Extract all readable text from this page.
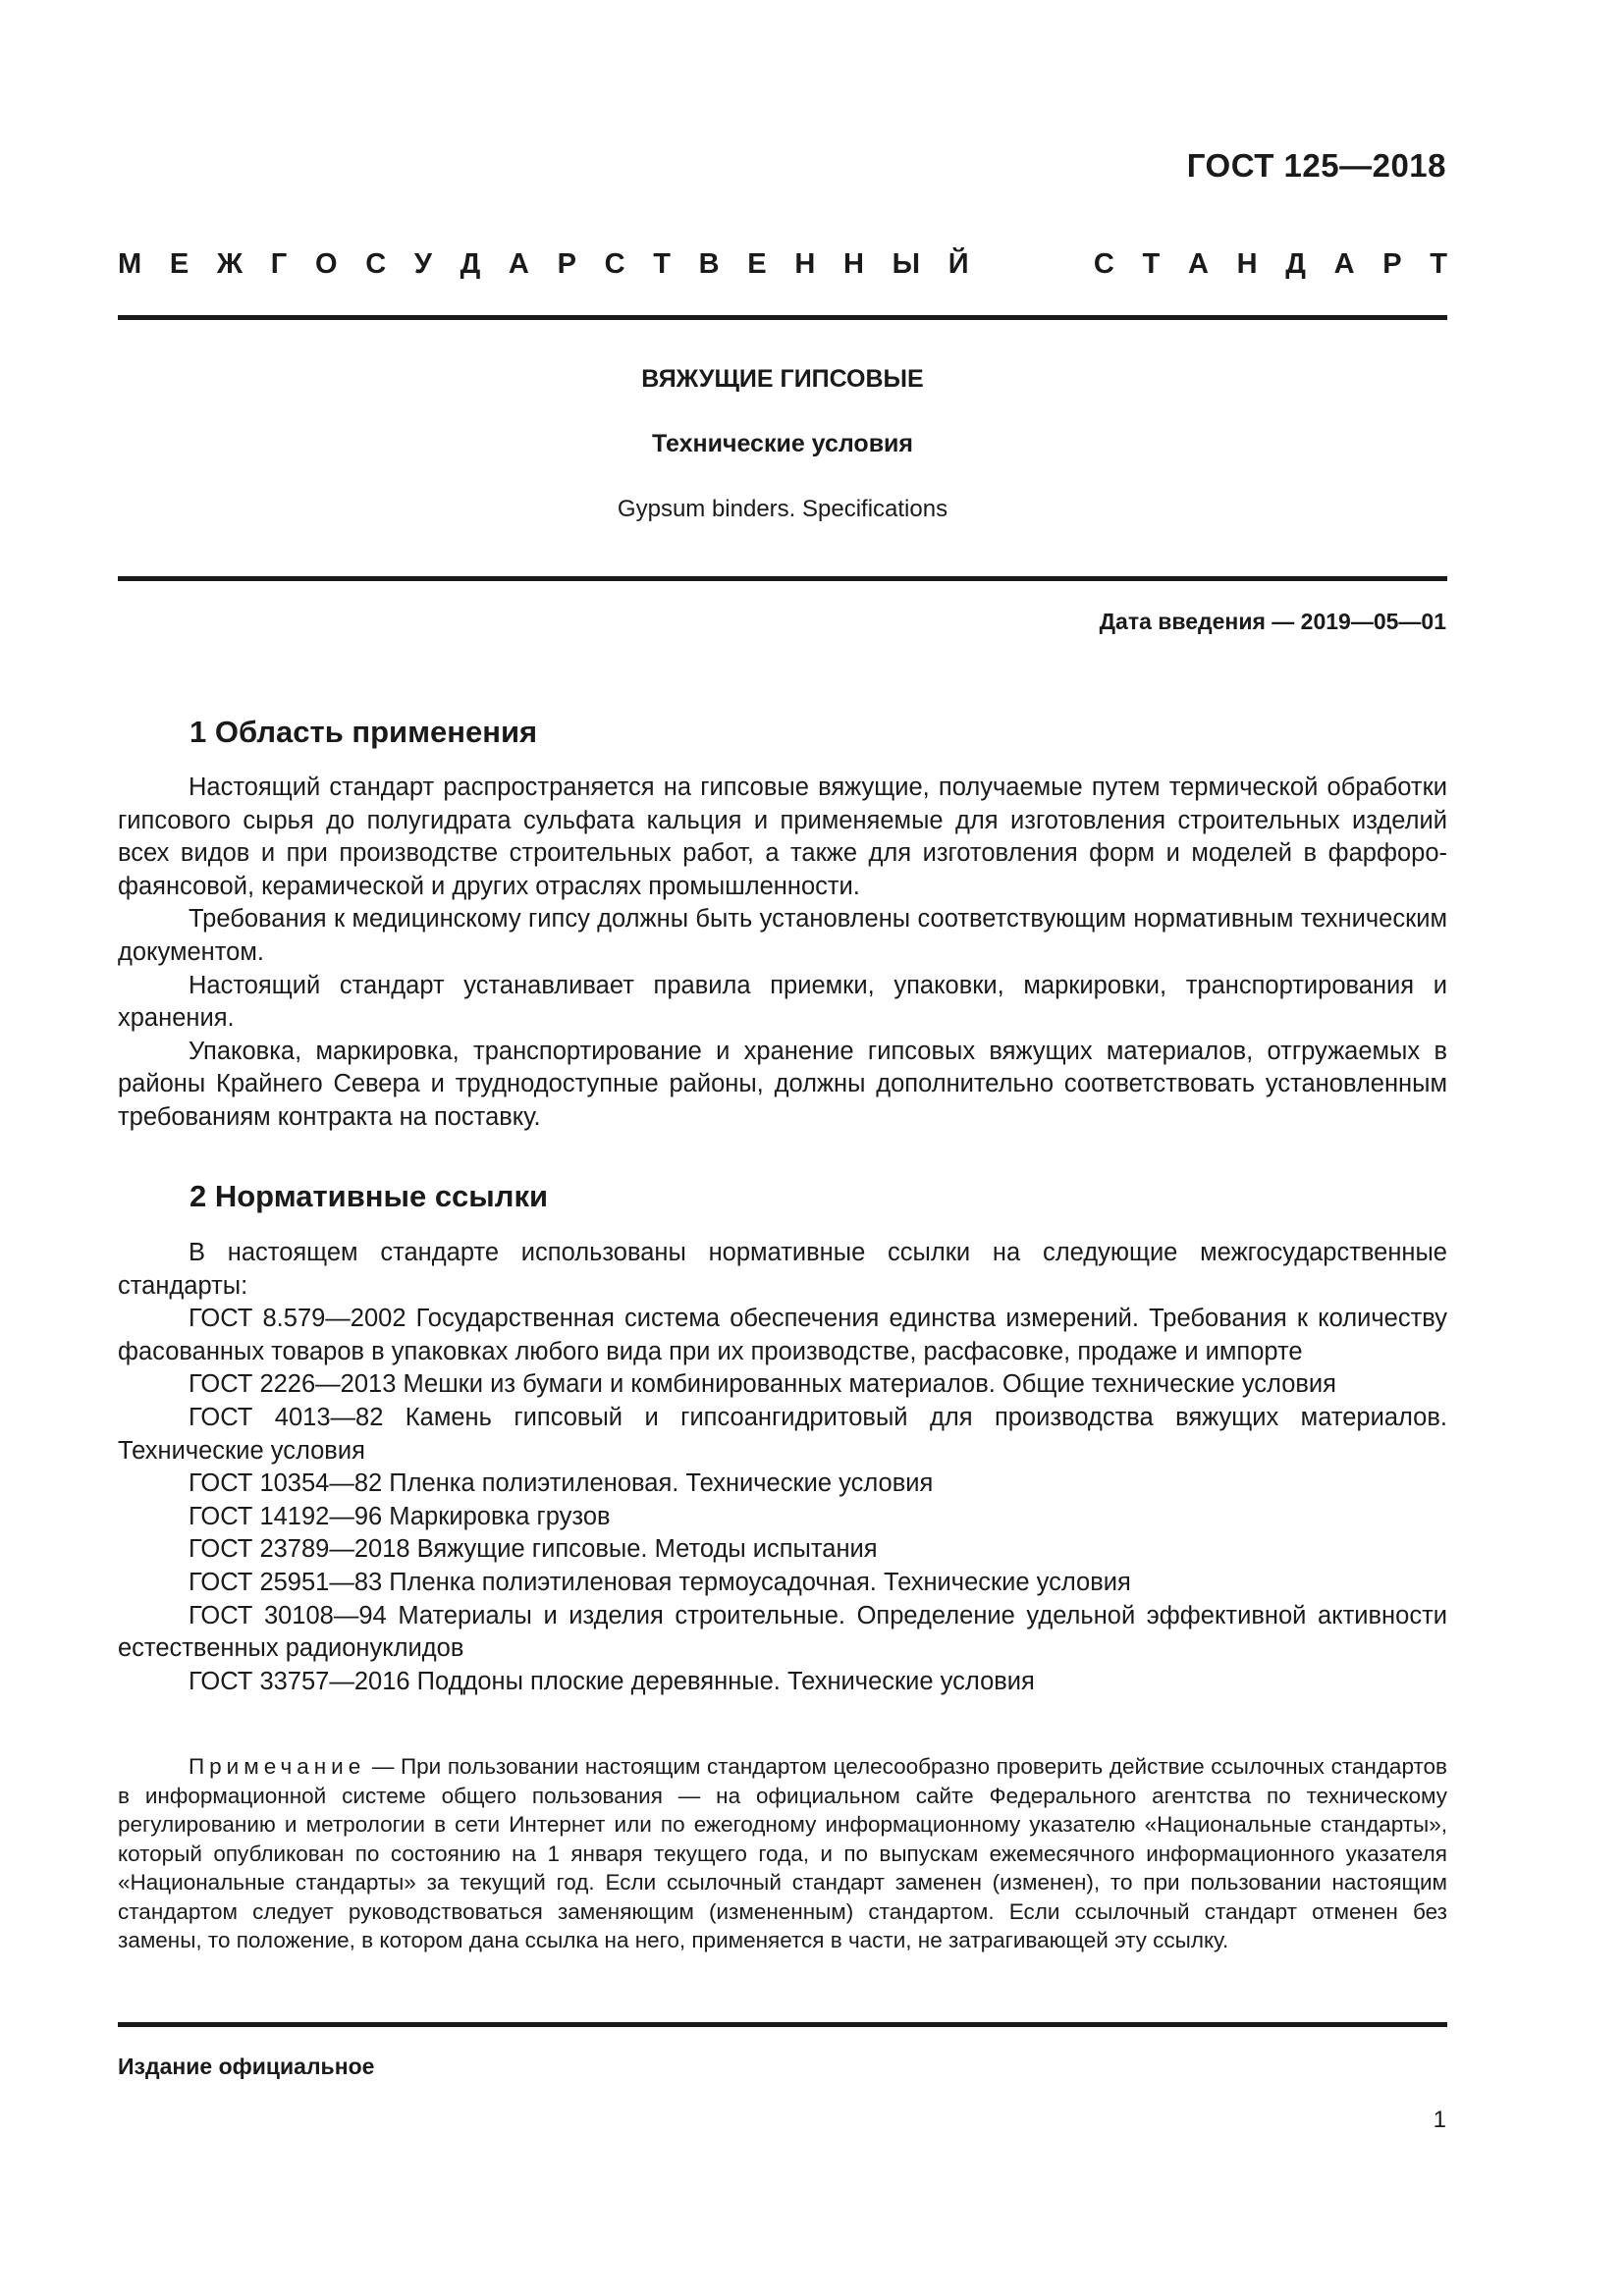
ГОСТ 125—2018
М Е Ж Г О С У Д А Р С Т В Е Н Н Ы Й	С Т А Н Д А Р Т
ВЯЖУЩИЕ ГИПСОВЫЕ
Технические условия
Gypsum binders. Specifications
Дата введения — 2019—05—01
1 Область применения

Настоящий стандарт распространяется на гипсовые вяжущие, получаемые путем термической обработки гипсового сырья до полугидрата сульфата кальция и применяемые для изготовления строительных изделий всех видов и при производстве строительных работ, а также для изготовления форм и моделей в фарфоро-фаянсовой, керамической и других отраслях промышленности.

Требования к медицинскому гипсу должны быть установлены соответствующим нормативным техническим документом.

Настоящий стандарт устанавливает правила приемки, упаковки, маркировки, транспортирования и хранения.

Упаковка, маркировка, транспортирование и хранение гипсовых вяжущих материалов, отгружаемых в районы Крайнего Севера и труднодоступные районы, должны дополнительно соответствовать установленным требованиям контракта на поставку.

2 Нормативные ссылки

В настоящем стандарте использованы нормативные ссылки на следующие межгосударственные стандарты:

ГОСТ 8.579—2002 Государственная система обеспечения единства измерений. Требования к количеству фасованных товаров в упаковках любого вида при их производстве, расфасовке, продаже и импорте

ГОСТ 2226—2013 Мешки из бумаги и комбинированных материалов. Общие технические условия

ГОСТ 4013—82 Камень гипсовый и гипсоангидритовый для производства вяжущих материалов. Технические условия

ГОСТ 10354—82 Пленка полиэтиленовая. Технические условия

ГОСТ 14192—96 Маркировка грузов

ГОСТ 23789—2018 Вяжущие гипсовые. Методы испытания

ГОСТ 25951—83 Пленка полиэтиленовая термоусадочная. Технические условия

ГОСТ 30108—94 Материалы и изделия строительные. Определение удельной эффективной активности естественных радионуклидов

ГОСТ 33757—2016 Поддоны плоские деревянные. Технические условия

Примечание — При пользовании настоящим стандартом целесообразно проверить действие ссылочных стандартов в информационной системе общего пользования — на официальном сайте Федерального агентства по техническому регулированию и метрологии в сети Интернет или по ежегодному информационному указателю «Национальные стандарты», который опубликован по состоянию на 1 января текущего года, и по выпускам ежемесячного информационного указателя «Национальные стандарты» за текущий год. Если ссылочный стандарт заменен (изменен), то при пользовании настоящим стандартом следует руководствоваться заменяющим (измененным) стандартом. Если ссылочный стандарт отменен без замены, то положение, в котором дана ссылка на него, применяется в части, не затрагивающей эту ссылку.

Издание официальное
1
